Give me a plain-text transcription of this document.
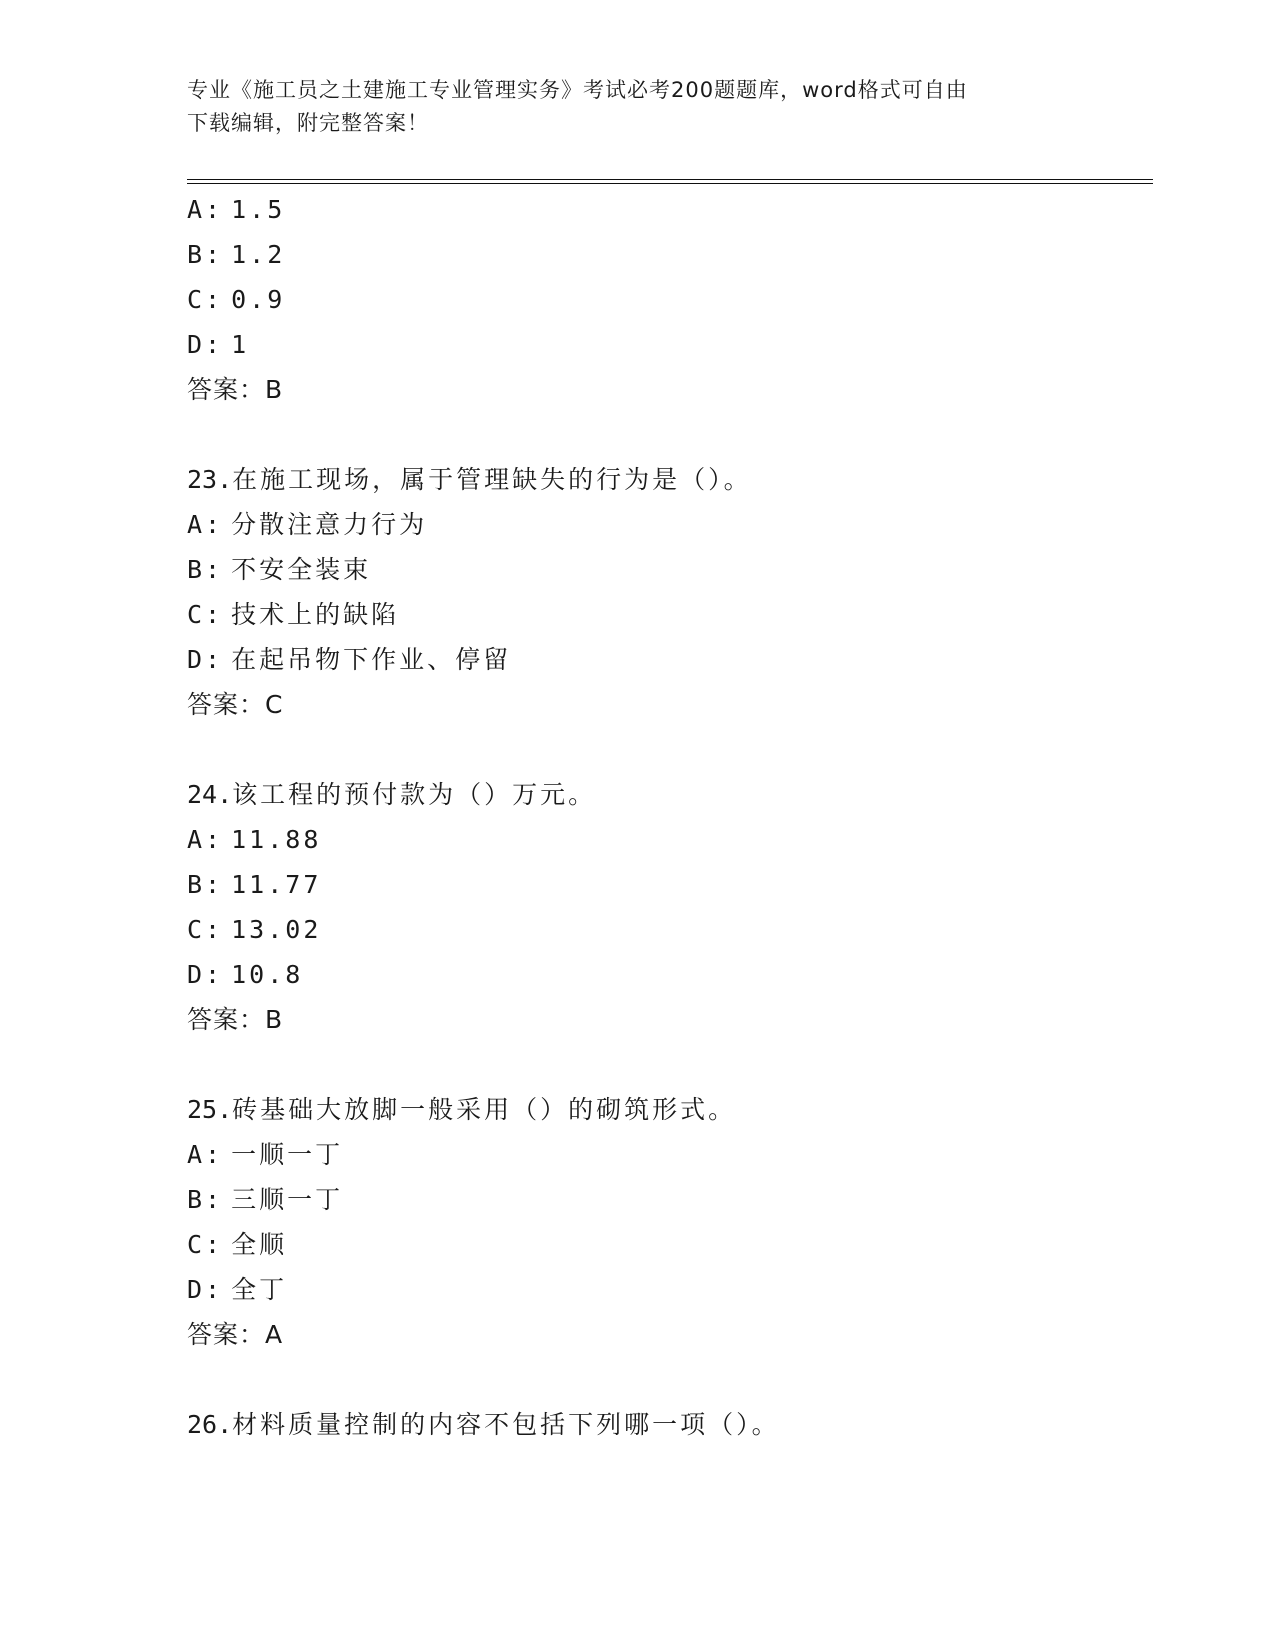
专业《施工员之土建施工专业管理实务》考试必考200题题库，word格式可自由
下载编辑，附完整答案！
A: 1.5
B: 1.2
C: 0.9
D: 1
答案：B
23.在施工现场，属于管理缺失的行为是（）。
A: 分散注意力行为
B: 不安全装束
C: 技术上的缺陷
D: 在起吊物下作业、停留
答案：C
24.该工程的预付款为（）万元。
A: 11.88
B: 11.77
C: 13.02
D: 10.8
答案：B
25.砖基础大放脚一般采用（）的砌筑形式。
A: 一顺一丁
B: 三顺一丁
C: 全顺
D: 全丁
答案：A
26.材料质量控制的内容不包括下列哪一项（）。
